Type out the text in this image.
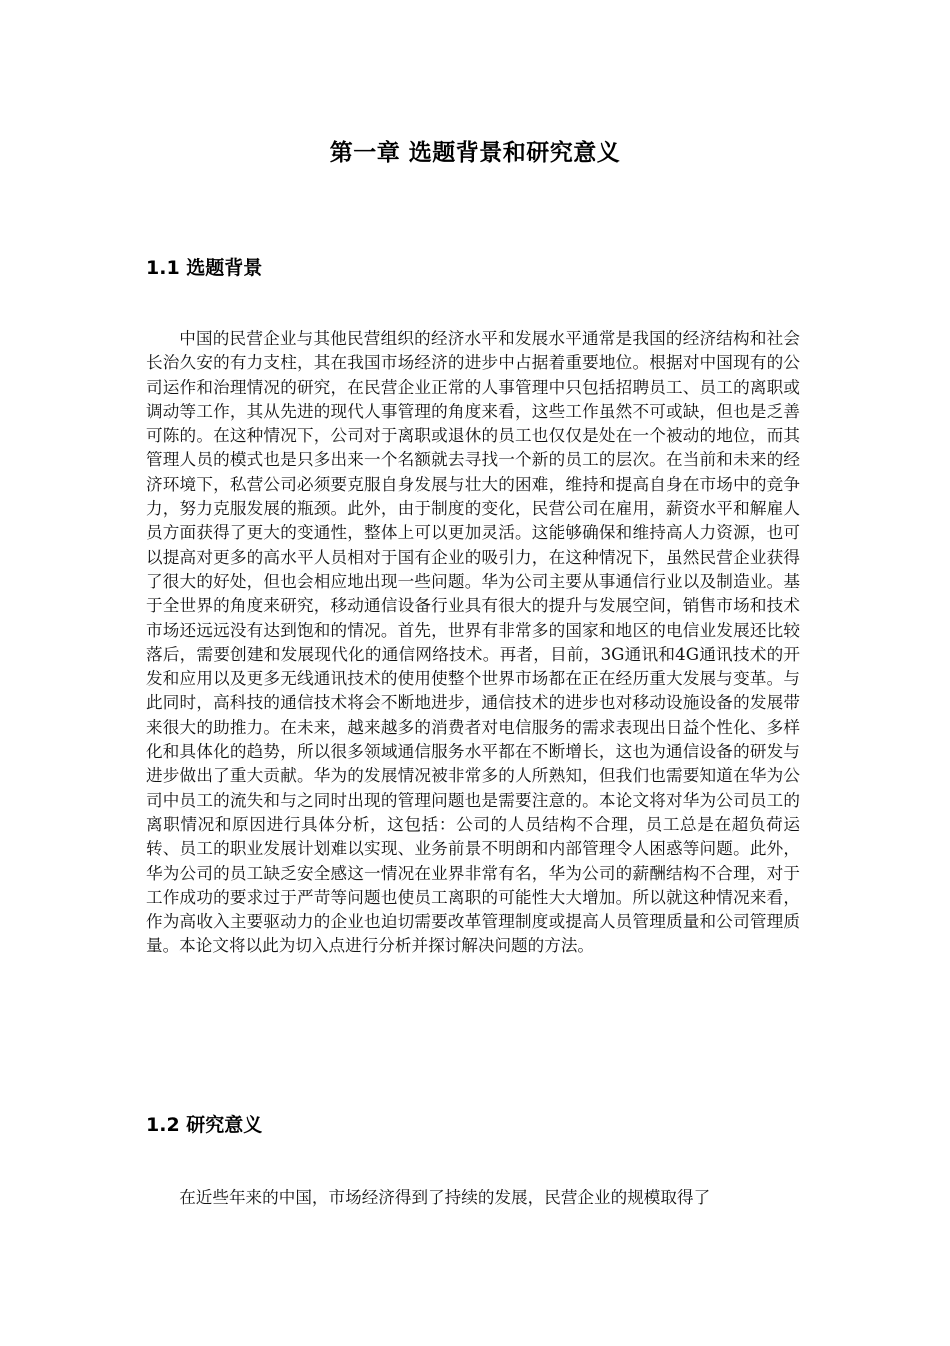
第一章 选题背景和研究意义
1.1 选题背景

中国的民营企业与其他民营组织的经济水平和发展水平通常是我国的经济结构和社会长治久安的有力支柱，其在我国市场经济的进步中占据着重要地位。根据对中国现有的公司运作和治理情况的研究，在民营企业正常的人事管理中只包括招聘员工、员工的离职或调动等工作，其从先进的现代人事管理的角度来看，这些工作虽然不可或缺，但也是乏善可陈的。在这种情况下，公司对于离职或退休的员工也仅仅是处在一个被动的地位，而其管理人员的模式也是只多出来一个名额就去寻找一个新的员工的层次。在当前和未来的经济环境下，私营公司必须要克服自身发展与壮大的困难，维持和提高自身在市场中的竞争力，努力克服发展的瓶颈。此外，由于制度的变化，民营公司在雇用，薪资水平和解雇人员方面获得了更大的变通性，整体上可以更加灵活。这能够确保和维持高人力资源，也可以提高对更多的高水平人员相对于国有企业的吸引力，在这种情况下，虽然民营企业获得了很大的好处，但也会相应地出现一些问题。华为公司主要从事通信行业以及制造业。基于全世界的角度来研究，移动通信设备行业具有很大的提升与发展空间，销售市场和技术市场还远远没有达到饱和的情况。首先，世界有非常多的国家和地区的电信业发展还比较落后，需要创建和发展现代化的通信网络技术。再者，目前，3G通讯和4G通讯技术的开发和应用以及更多无线通讯技术的使用使整个世界市场都在正在经历重大发展与变革。与此同时，高科技的通信技术将会不断地进步，通信技术的进步也对移动设施设备的发展带来很大的助推力。在未来，越来越多的消费者对电信服务的需求表现出日益个性化、多样化和具体化的趋势，所以很多领域通信服务水平都在不断增长，这也为通信设备的研发与进步做出了重大贡献。华为的发展情况被非常多的人所熟知，但我们也需要知道在华为公司中员工的流失和与之同时出现的管理问题也是需要注意的。本论文将对华为公司员工的离职情况和原因进行具体分析，这包括：公司的人员结构不合理，员工总是在超负荷运转、员工的职业发展计划难以实现、业务前景不明朗和内部管理令人困惑等问题。此外，华为公司的员工缺乏安全感这一情况在业界非常有名，华为公司的薪酬结构不合理，对于工作成功的要求过于严苛等问题也使员工离职的可能性大大增加。所以就这种情况来看，作为高收入主要驱动力的企业也迫切需要改革管理制度或提高人员管理质量和公司管理质量。本论文将以此为切入点进行分析并探讨解决问题的方法。

1.2 研究意义

在近些年来的中国，市场经济得到了持续的发展，民营企业的规模取得了
